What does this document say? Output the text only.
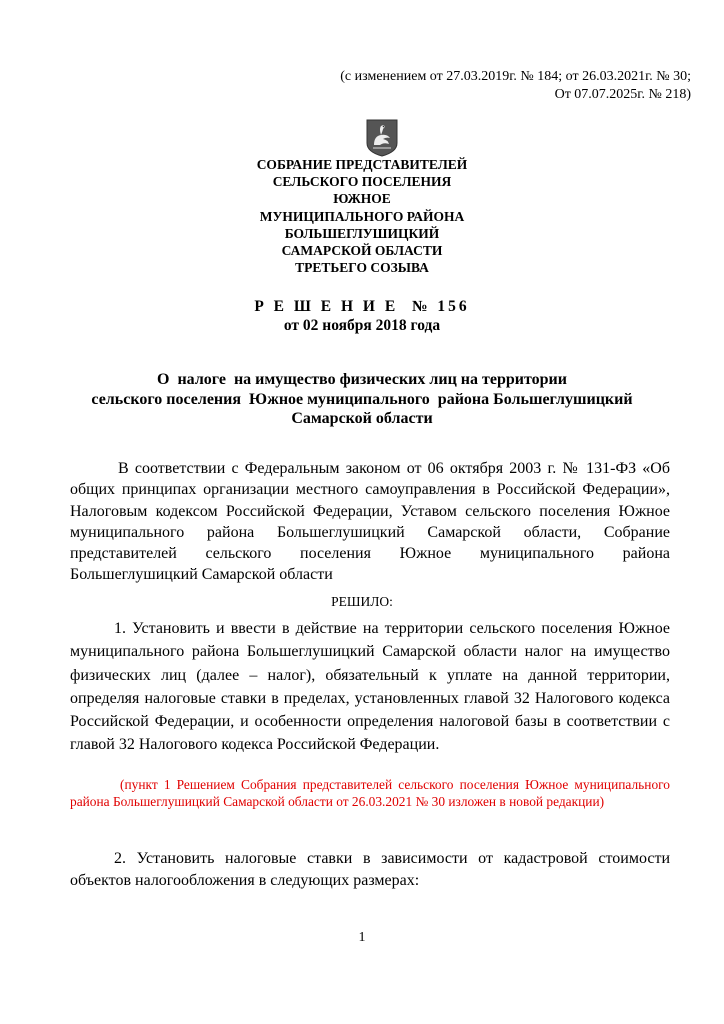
(с изменением от 27.03.2019г. № 184; от 26.03.2021г. № 30;
От 07.07.2025г. № 218)
СОБРАНИЕ ПРЕДСТАВИТЕЛЕЙ
СЕЛЬСКОГО ПОСЕЛЕНИЯ
ЮЖНОЕ
МУНИЦИПАЛЬНОГО РАЙОНА
БОЛЬШЕГЛУШИЦКИЙ
САМАРСКОЙ ОБЛАСТИ
ТРЕТЬЕГО СОЗЫВА
Р Е Ш Е Н И Е  № 156
от 02 ноября 2018 года
О  налоге  на имущество физических лиц на территории
сельского поселения  Южное муниципального  района Большеглушицкий
Самарской области
В соответствии с Федеральным законом от 06 октября 2003 г. № 131-ФЗ «Об общих принципах организации местного самоуправления в Российской Федерации», Налоговым кодексом Российской Федерации, Уставом сельского поселения Южное муниципального района Большеглушицкий Самарской области, Собрание представителей сельского поселения Южное муниципального района Большеглушицкий Самарской области
РЕШИЛО:
1. Установить и ввести в действие на территории сельского поселения Южное муниципального района Большеглушицкий Самарской области налог на имущество физических лиц (далее – налог), обязательный к уплате на данной территории, определяя налоговые ставки в пределах, установленных главой 32 Налогового кодекса Российской Федерации, и особенности определения налоговой базы в соответствии с главой 32 Налогового кодекса Российской Федерации.
(пункт 1 Решением Собрания представителей сельского поселения Южное муниципального района Большеглушицкий Самарской области от 26.03.2021 № 30 изложен в новой редакции)
2. Установить налоговые ставки в зависимости от кадастровой стоимости объектов налогообложения в следующих размерах:
1
